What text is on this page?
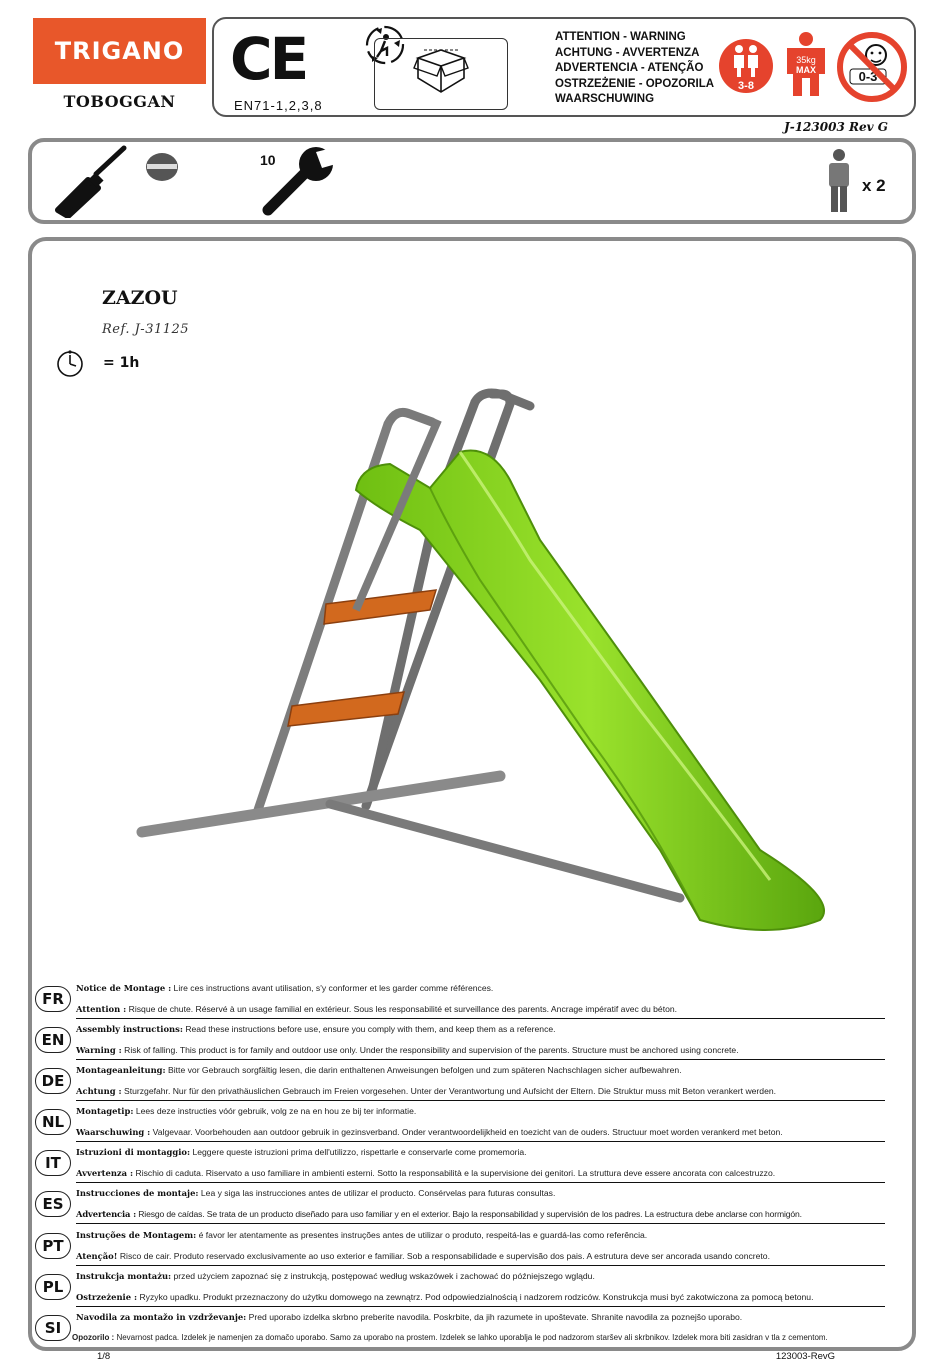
TRIGANO
TOBOGGAN
CE
EN71-1,2,3,8
ATTENTION - WARNING
ACHTUNG - AVVERTENZA
ADVERTENCIA - ATENÇÃO
OSTRZEŻENIE - OPOZORILA
WAARSCHUWING
3-8
35kg
MAX	0-3
J-123003 Rev G
10
x 2
ZAZOU
Ref. J-31125
= 1h
FR
Notice de Montage : Lire ces instructions avant utilisation, s'y conformer et les garder comme références.
Attention : Risque de chute. Réservé à un usage familial en extérieur. Sous les responsabilité et surveillance des parents. Ancrage impératif avec du béton.
EN
Assembly instructions: Read these instructions before use, ensure you comply with them, and keep them as a reference.
Warning : Risk of falling. This product is for family and outdoor use only. Under the responsibility and supervision of the parents. Structure must be anchored using concrete.
DE
Montageanleitung: Bitte vor Gebrauch sorgfältig lesen, die darin enthaltenen Anweisungen befolgen und zum späteren Nachschlagen sicher aufbewahren.
Achtung : Sturzgefahr. Nur für den privathäuslichen Gebrauch im Freien vorgesehen. Unter der Verantwortung und Aufsicht der Eltern. Die Struktur muss mit Beton verankert werden.
NL
Montagetip: Lees deze instructies vóór gebruik, volg ze na en hou ze bij ter informatie.
Waarschuwing : Valgevaar. Voorbehouden aan outdoor gebruik in gezinsverband. Onder verantwoordelijkheid en toezicht van de ouders. Structuur moet worden verankerd met beton.
IT
Istruzioni di montaggio: Leggere queste istruzioni prima dell'utilizzo, rispettarle e conservarle come promemoria.
Avvertenza : Rischio di caduta. Riservato a uso familiare in ambienti esterni. Sotto la responsabilità e la supervisione dei genitori. La struttura deve essere ancorata con calcestruzzo.
ES
Instrucciones de montaje: Lea y siga las instrucciones antes de utilizar el producto. Consérvelas para futuras consultas.
Advertencia : Riesgo de caídas. Se trata de un producto diseñado para uso familiar y en el exterior. Bajo la responsabilidad y supervisión de los padres. La estructura debe anclarse con hormigón.
PT
Instruções de Montagem: é favor ler atentamente as presentes instruções antes de utilizar o produto, respeitá-las e guardá-las como referência.
Atenção! Risco de cair. Produto reservado exclusivamente ao uso exterior e familiar. Sob a responsabilidade e supervisão dos pais. A estrutura deve ser ancorada usando concreto.
PL
Instrukcja montażu: przed użyciem zapoznać się z instrukcją, postępować według wskazówek i zachować do późniejszego wglądu.
Ostrzeżenie : Ryzyko upadku. Produkt przeznaczony do użytku domowego na zewnątrz. Pod odpowiedzialnością i nadzorem rodziców. Konstrukcja musi być zakotwiczona za pomocą betonu.
SI
Navodila za montažo in vzdrževanje: Pred uporabo izdelka skrbno preberite navodila. Poskrbite, da jih razumete in upoštevate. Shranite navodila za poznejšo uporabo.
Opozorilo : Nevarnost padca. Izdelek je namenjen za domačo uporabo. Samo za uporabo na prostem. Izdelek se lahko uporablja le pod nadzorom staršev ali skrbnikov. Izdelek mora biti zasidran v tla z cementom.
1/8	123003-RevG
